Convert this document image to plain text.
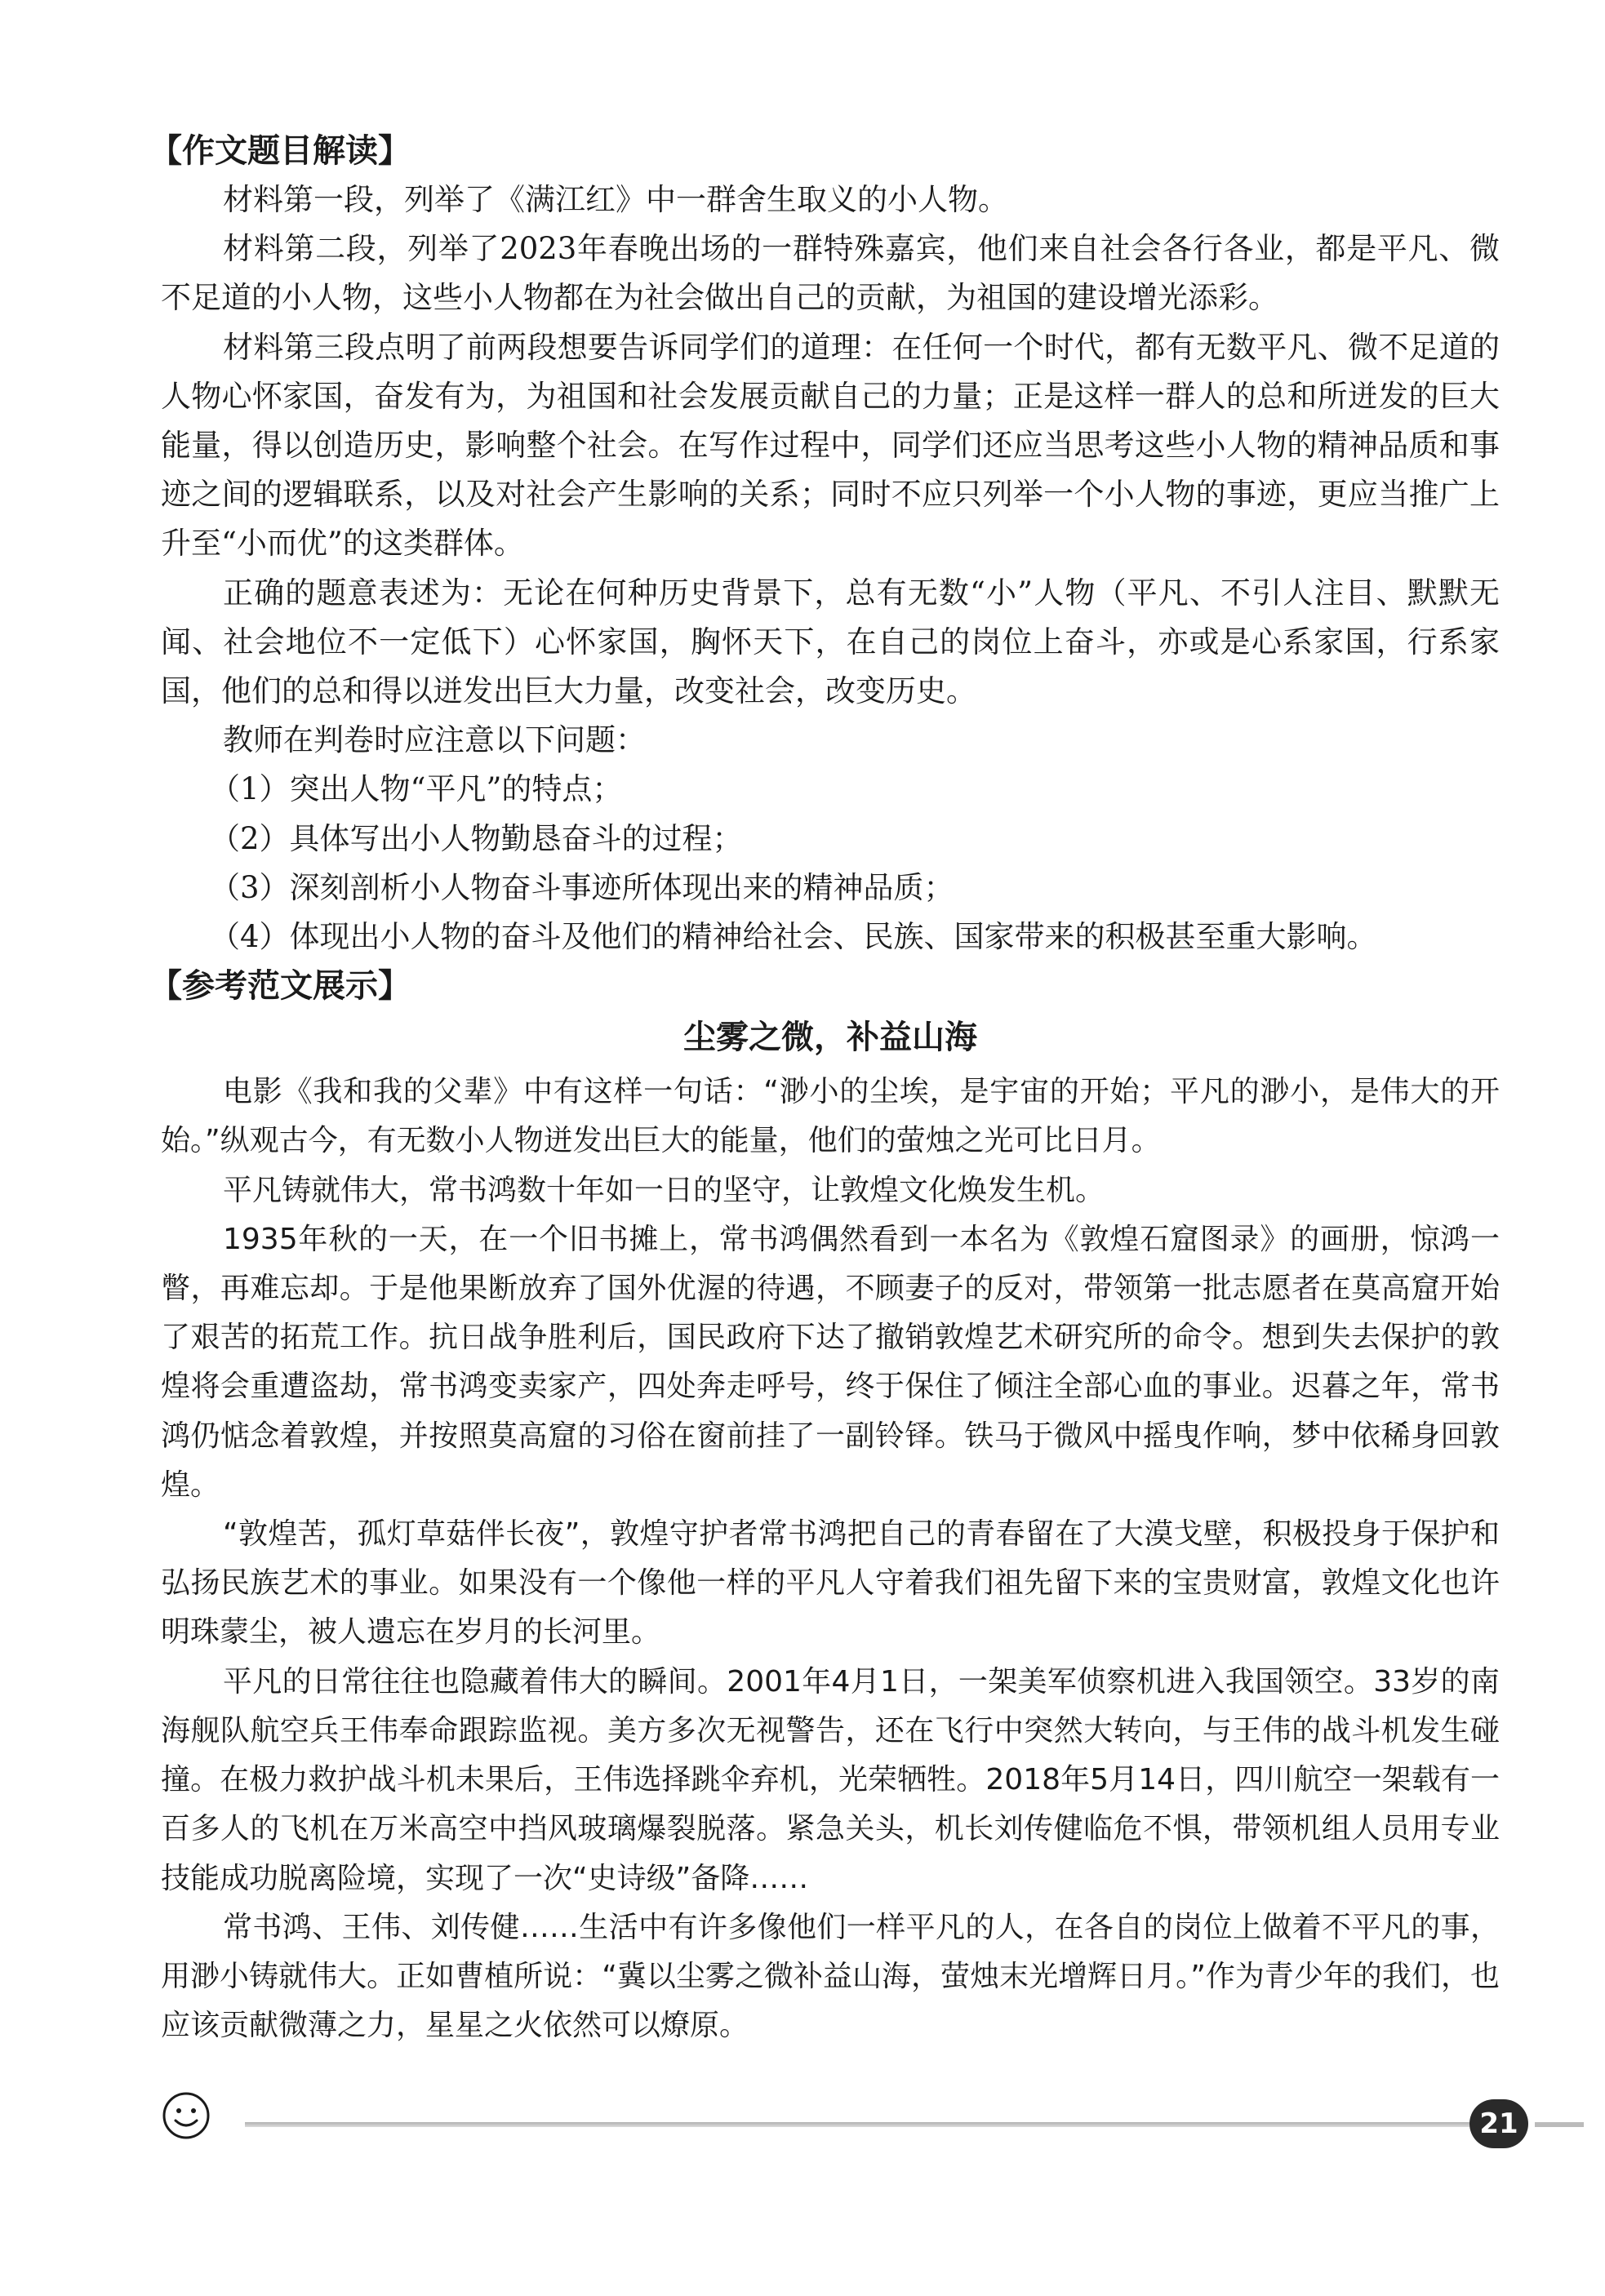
【作文题目解读】

材料第一段，列举了《满江红》中一群舍生取义的小人物。

材料第二段，列举了2023年春晚出场的一群特殊嘉宾，他们来自社会各行各业，都是平凡、微不足道的小人物，这些小人物都在为社会做出自己的贡献，为祖国的建设增光添彩。

材料第三段点明了前两段想要告诉同学们的道理：在任何一个时代，都有无数平凡、微不足道的人物心怀家国，奋发有为，为祖国和社会发展贡献自己的力量；正是这样一群人的总和所迸发的巨大能量，得以创造历史，影响整个社会。在写作过程中，同学们还应当思考这些小人物的精神品质和事迹之间的逻辑联系，以及对社会产生影响的关系；同时不应只列举一个小人物的事迹，更应当推广上升至“小而优”的这类群体。

正确的题意表述为：无论在何种历史背景下，总有无数“小”人物（平凡、不引人注目、默默无闻、社会地位不一定低下）心怀家国，胸怀天下，在自己的岗位上奋斗，亦或是心系家国，行系家国，他们的总和得以迸发出巨大力量，改变社会，改变历史。

教师在判卷时应注意以下问题：

（1）突出人物“平凡”的特点；

（2）具体写出小人物勤恳奋斗的过程；

（3）深刻剖析小人物奋斗事迹所体现出来的精神品质；

（4）体现出小人物的奋斗及他们的精神给社会、民族、国家带来的积极甚至重大影响。

【参考范文展示】
尘雾之微，补益山海

电影《我和我的父辈》中有这样一句话：“渺小的尘埃，是宇宙的开始；平凡的渺小，是伟大的开始。”纵观古今，有无数小人物迸发出巨大的能量，他们的萤烛之光可比日月。

平凡铸就伟大，常书鸿数十年如一日的坚守，让敦煌文化焕发生机。

1935年秋的一天，在一个旧书摊上，常书鸿偶然看到一本名为《敦煌石窟图录》的画册，惊鸿一瞥，再难忘却。于是他果断放弃了国外优渥的待遇，不顾妻子的反对，带领第一批志愿者在莫高窟开始了艰苦的拓荒工作。抗日战争胜利后，国民政府下达了撤销敦煌艺术研究所的命令。想到失去保护的敦煌将会重遭盗劫，常书鸿变卖家产，四处奔走呼号，终于保住了倾注全部心血的事业。迟暮之年，常书鸿仍惦念着敦煌，并按照莫高窟的习俗在窗前挂了一副铃铎。铁马于微风中摇曳作响，梦中依稀身回敦煌。

“敦煌苦，孤灯草菇伴长夜”，敦煌守护者常书鸿把自己的青春留在了大漠戈壁，积极投身于保护和弘扬民族艺术的事业。如果没有一个像他一样的平凡人守着我们祖先留下来的宝贵财富，敦煌文化也许明珠蒙尘，被人遗忘在岁月的长河里。

平凡的日常往往也隐藏着伟大的瞬间。2001年4月1日，一架美军侦察机进入我国领空。33岁的南海舰队航空兵王伟奉命跟踪监视。美方多次无视警告，还在飞行中突然大转向，与王伟的战斗机发生碰撞。在极力救护战斗机未果后，王伟选择跳伞弃机，光荣牺牲。2018年5月14日，四川航空一架载有一百多人的飞机在万米高空中挡风玻璃爆裂脱落。紧急关头，机长刘传健临危不惧，带领机组人员用专业技能成功脱离险境，实现了一次“史诗级”备降……

常书鸿、王伟、刘传健……生活中有许多像他们一样平凡的人，在各自的岗位上做着不平凡的事，用渺小铸就伟大。正如曹植所说：“冀以尘雾之微补益山海，萤烛末光增辉日月。”作为青少年的我们，也应该贡献微薄之力，星星之火依然可以燎原。

21
